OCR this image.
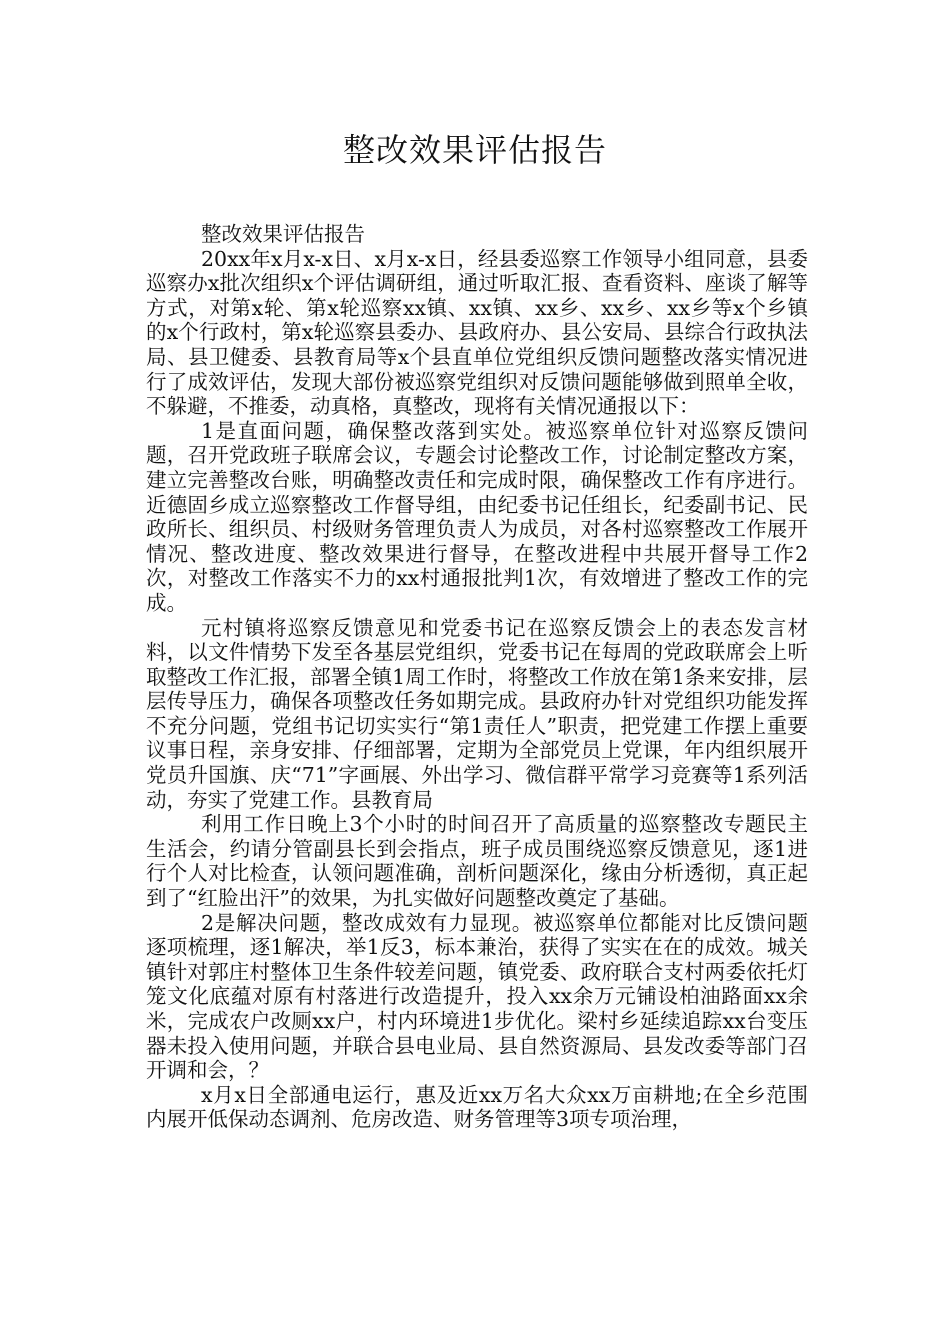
整改效果评估报告

整改效果评估报告

20xx年x月x-x日、x月x-x日，经县委巡察工作领导小组同意，县委巡察办x批次组织x个评估调研组，通过听取汇报、查看资料、座谈了解等方式，对第x轮、第x轮巡察xx镇、xx镇、xx乡、xx乡、xx乡等x个乡镇的x个行政村，第x轮巡察县委办、县政府办、县公安局、县综合行政执法局、县卫健委、县教育局等x个县直单位党组织反馈问题整改落实情况进行了成效评估，发现大部份被巡察党组织对反馈问题能够做到照单全收，不躲避，不推委，动真格，真整改，现将有关情况通报以下：

1是直面问题，确保整改落到实处。被巡察单位针对巡察反馈问题，召开党政班子联席会议，专题会讨论整改工作，讨论制定整改方案，建立完善整改台账，明确整改责任和完成时限，确保整改工作有序进行。近德固乡成立巡察整改工作督导组，由纪委书记任组长，纪委副书记、民政所长、组织员、村级财务管理负责人为成员，对各村巡察整改工作展开情况、整改进度、整改效果进行督导，在整改进程中共展开督导工作2次，对整改工作落实不力的xx村通报批判1次，有效增进了整改工作的完成。

元村镇将巡察反馈意见和党委书记在巡察反馈会上的表态发言材料，以文件情势下发至各基层党组织，党委书记在每周的党政联席会上听取整改工作汇报，部署全镇1周工作时，将整改工作放在第1条来安排，层层传导压力，确保各项整改任务如期完成。县政府办针对党组织功能发挥不充分问题，党组书记切实实行“第1责任人”职责，把党建工作摆上重要议事日程，亲身安排、仔细部署，定期为全部党员上党课，年内组织展开党员升国旗、庆“71”字画展、外出学习、微信群平常学习竞赛等1系列活动，夯实了党建工作。县教育局

利用工作日晚上3个小时的时间召开了高质量的巡察整改专题民主生活会，约请分管副县长到会指点，班子成员围绕巡察反馈意见，逐1进行个人对比检查，认领问题准确，剖析问题深化，缘由分析透彻，真正起到了“红脸出汗”的效果，为扎实做好问题整改奠定了基础。

2是解决问题，整改成效有力显现。被巡察单位都能对比反馈问题逐项梳理，逐1解决，举1反3，标本兼治，获得了实实在在的成效。城关镇针对郭庄村整体卫生条件较差问题，镇党委、政府联合支村两委依托灯笼文化底蕴对原有村落进行改造提升，投入xx余万元铺设柏油路面xx余米，完成农户改厕xx户，村内环境进1步优化。梁村乡延续追踪xx台变压器未投入使用问题，并联合县电业局、县自然资源局、县发改委等部门召开调和会，？

x月x日全部通电运行，惠及近xx万名大众xx万亩耕地;在全乡范围内展开低保动态调剂、危房改造、财务管理等3项专项治理，
